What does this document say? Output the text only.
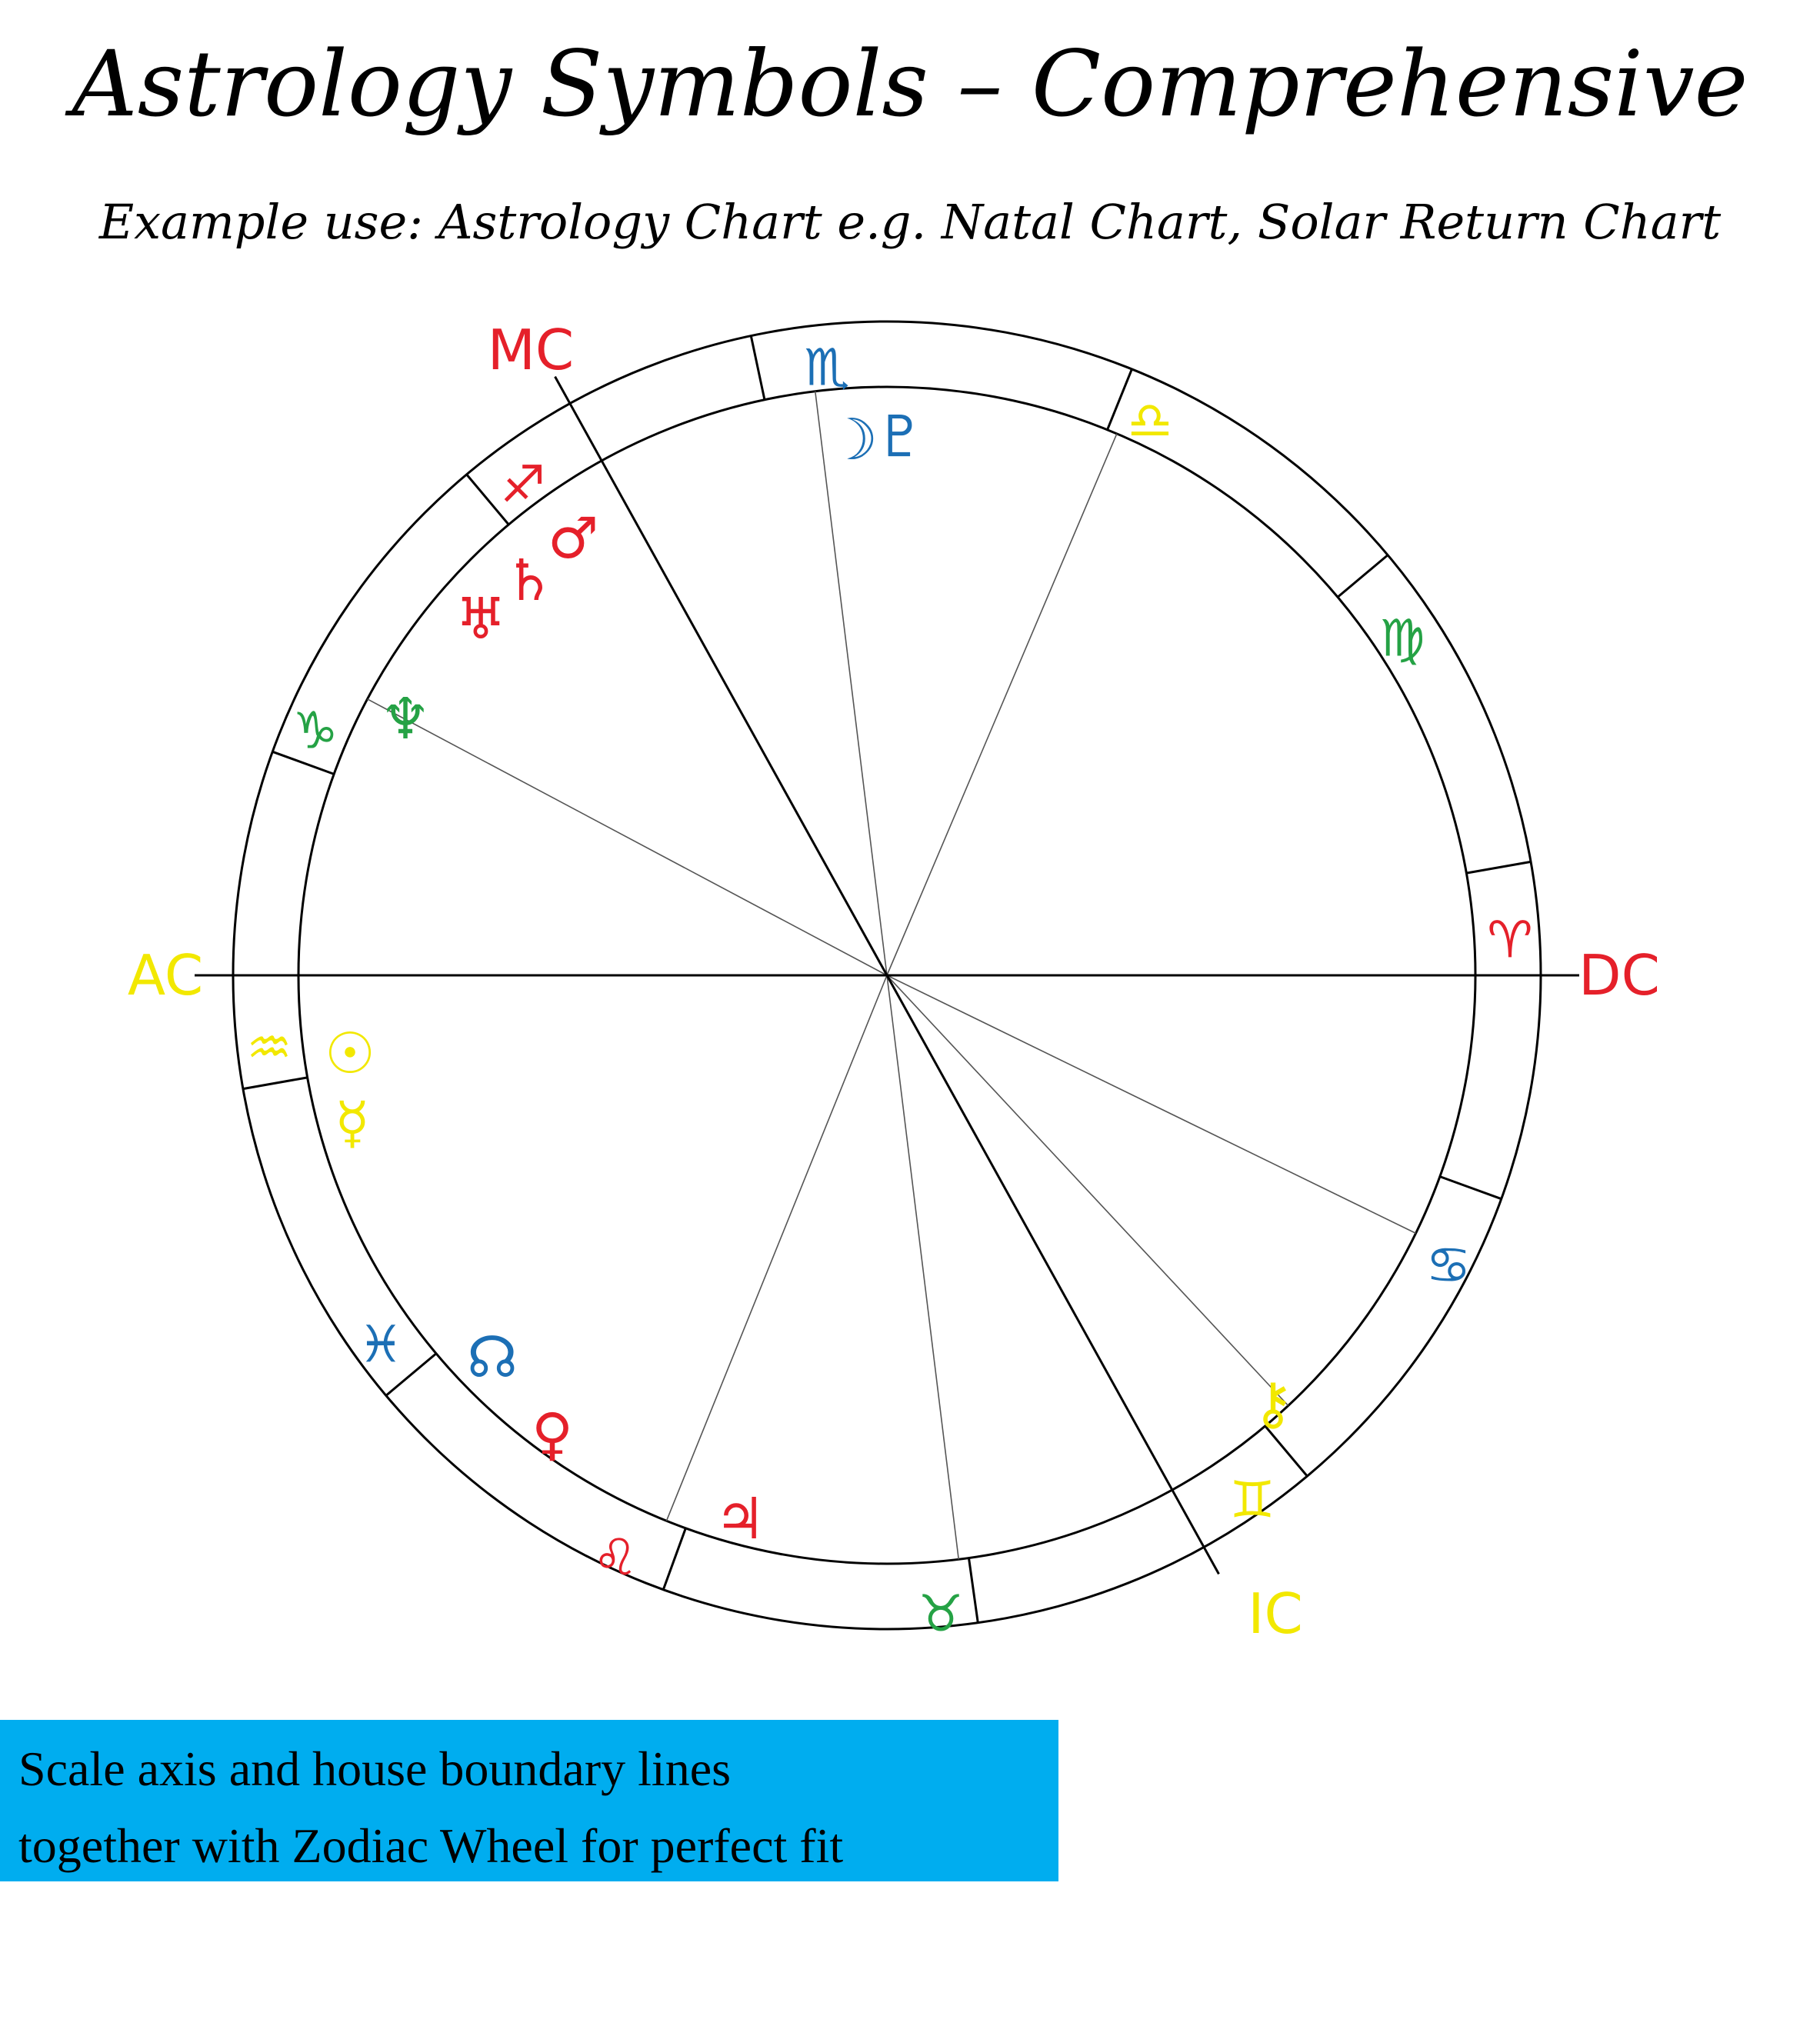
Astrology Symbols – Comprehensive
Example use: Astrology Chart e.g. Natal Chart, Solar Return Chart
AC	DC
MC
IC
♈
♉
♊
♋
♌
♍
♎
♏
♐
♑
♒
♓
☽
♇
♂
♄
♅
♆
☉
☿
☊
♀
♃
⚷
Scale axis and house boundary lines
together with Zodiac Wheel for perfect fit
